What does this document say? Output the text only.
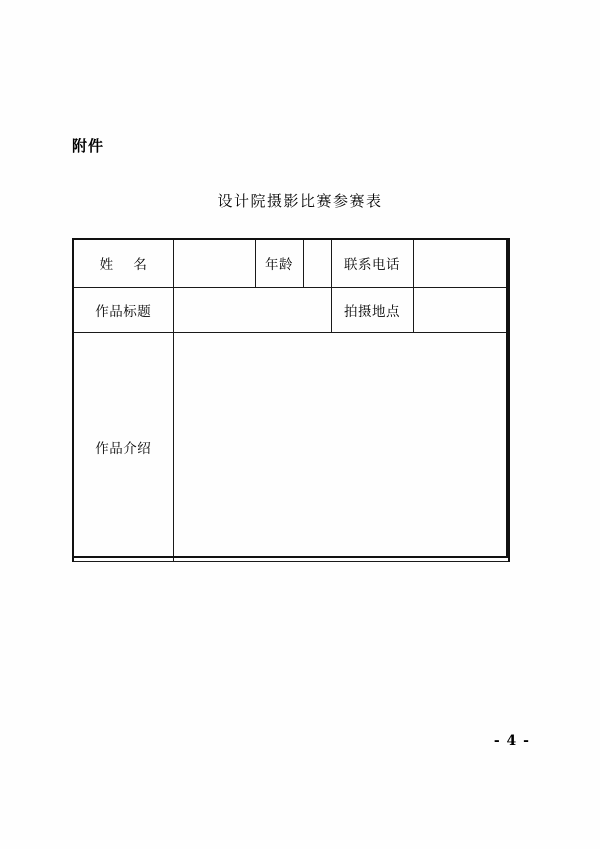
附件
设计院摄影比赛参赛表
姓 名		年龄		联系电话	
作品标题				拍摄地点	
作品介绍					
- 4 -
